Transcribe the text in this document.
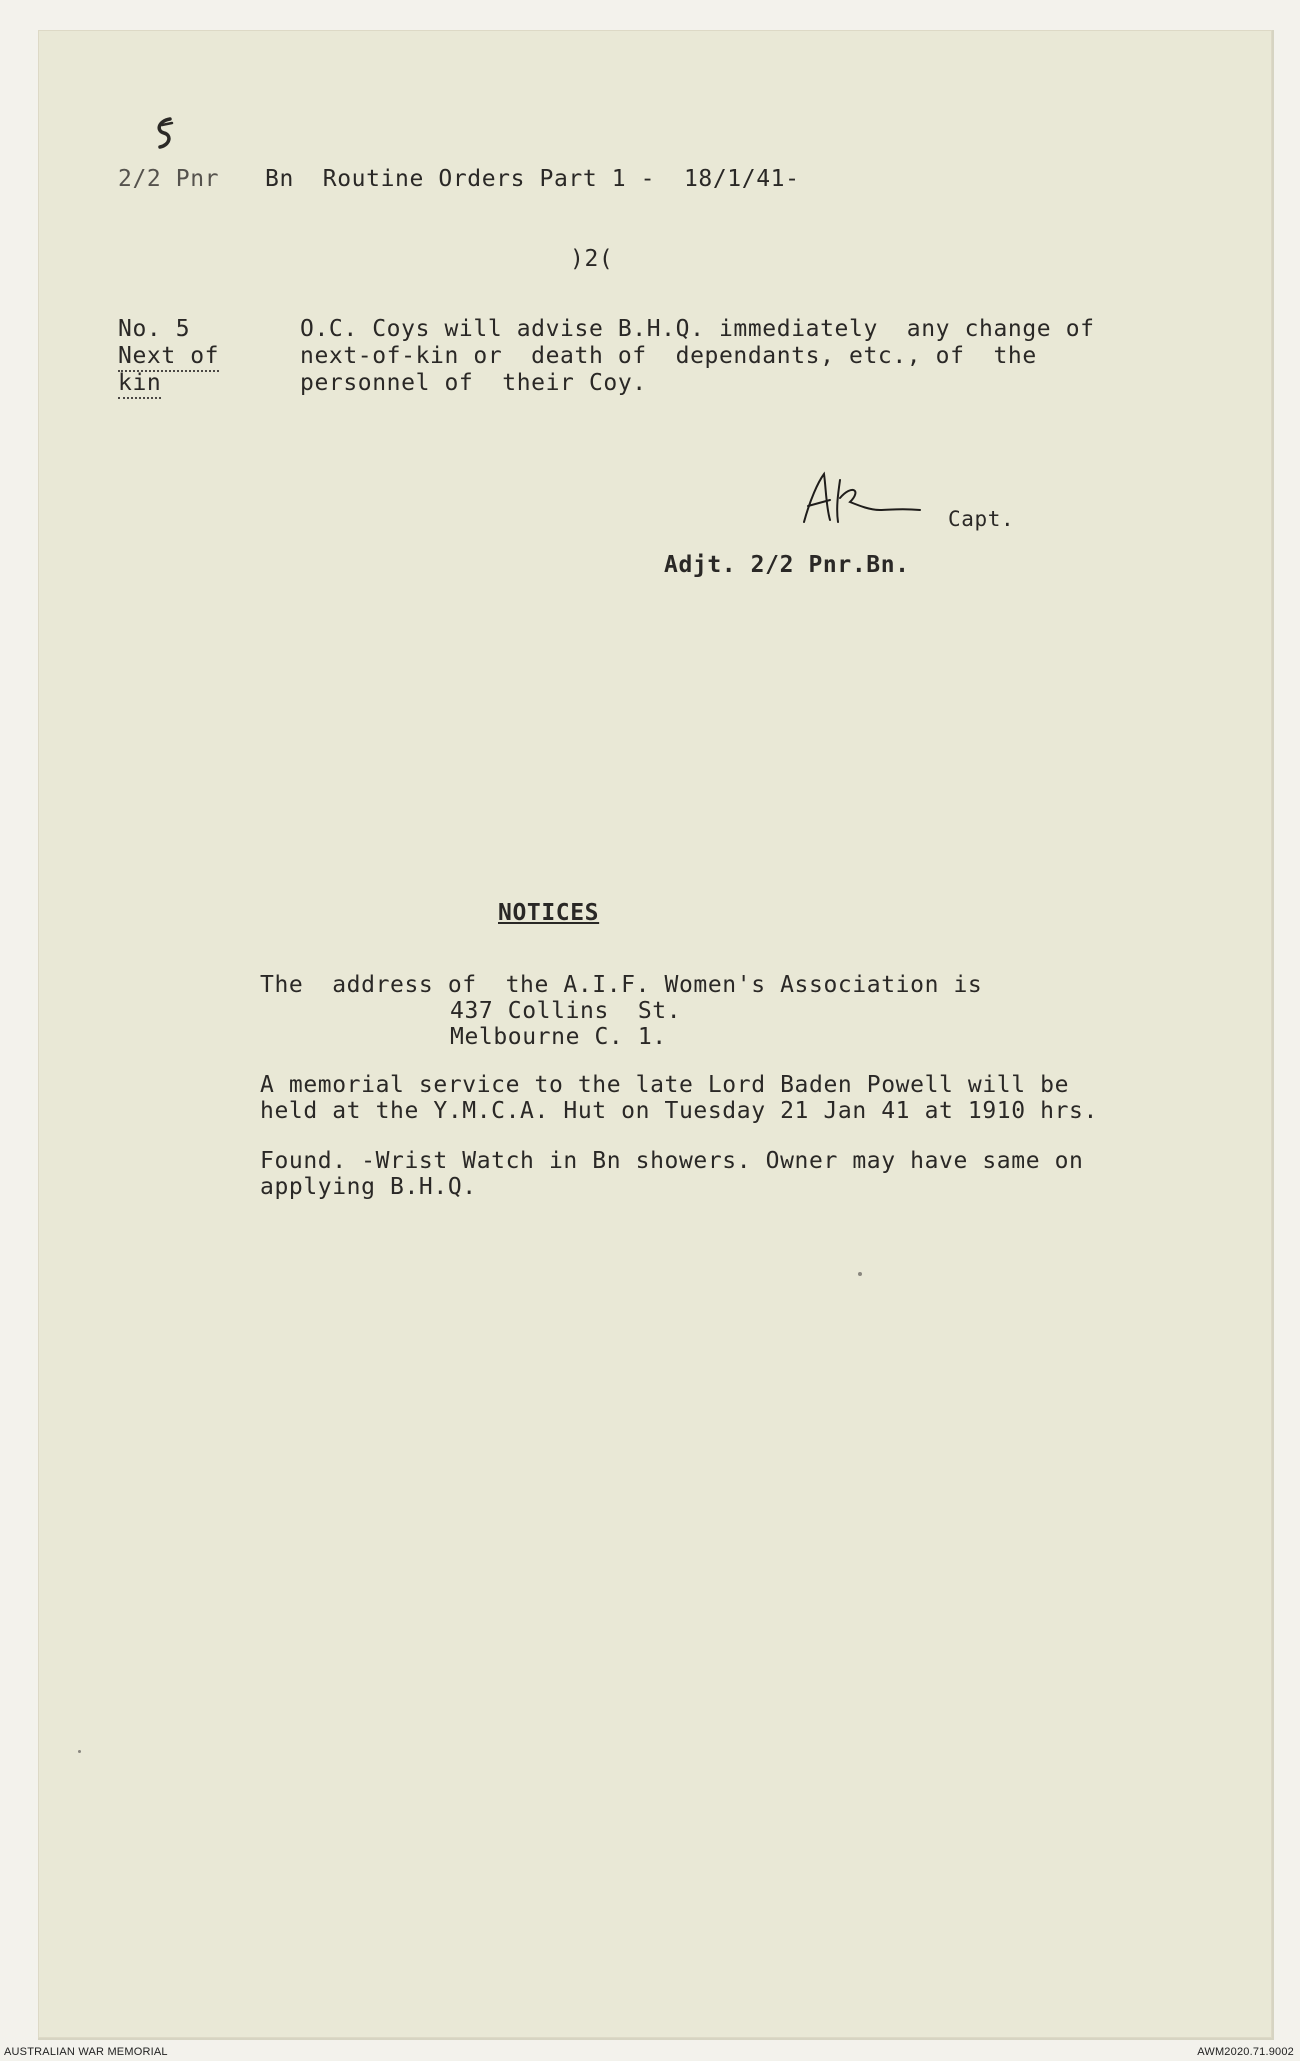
2/2 Pnr Bn  Routine Orders Part 1 -  18/1/41-
)2(
No. 5
Next of
kin
O.C. Coys will advise B.H.Q. immediately  any change of
next-of-kin or  death of  dependants, etc., of  the
personnel of  their Coy.
Capt.
Adjt. 2/2 Pnr.Bn.
NOTICES
The  address of  the A.I.F. Women's Association is
437 Collins  St.
Melbourne C. 1.
A memorial service to the late Lord Baden Powell will be
held at the Y.M.C.A. Hut on Tuesday 21 Jan 41 at 1910 hrs.
Found. -Wrist Watch in Bn showers. Owner may have same on
applying B.H.Q.
AUSTRALIAN WAR MEMORIAL	AWM2020.71.9002
